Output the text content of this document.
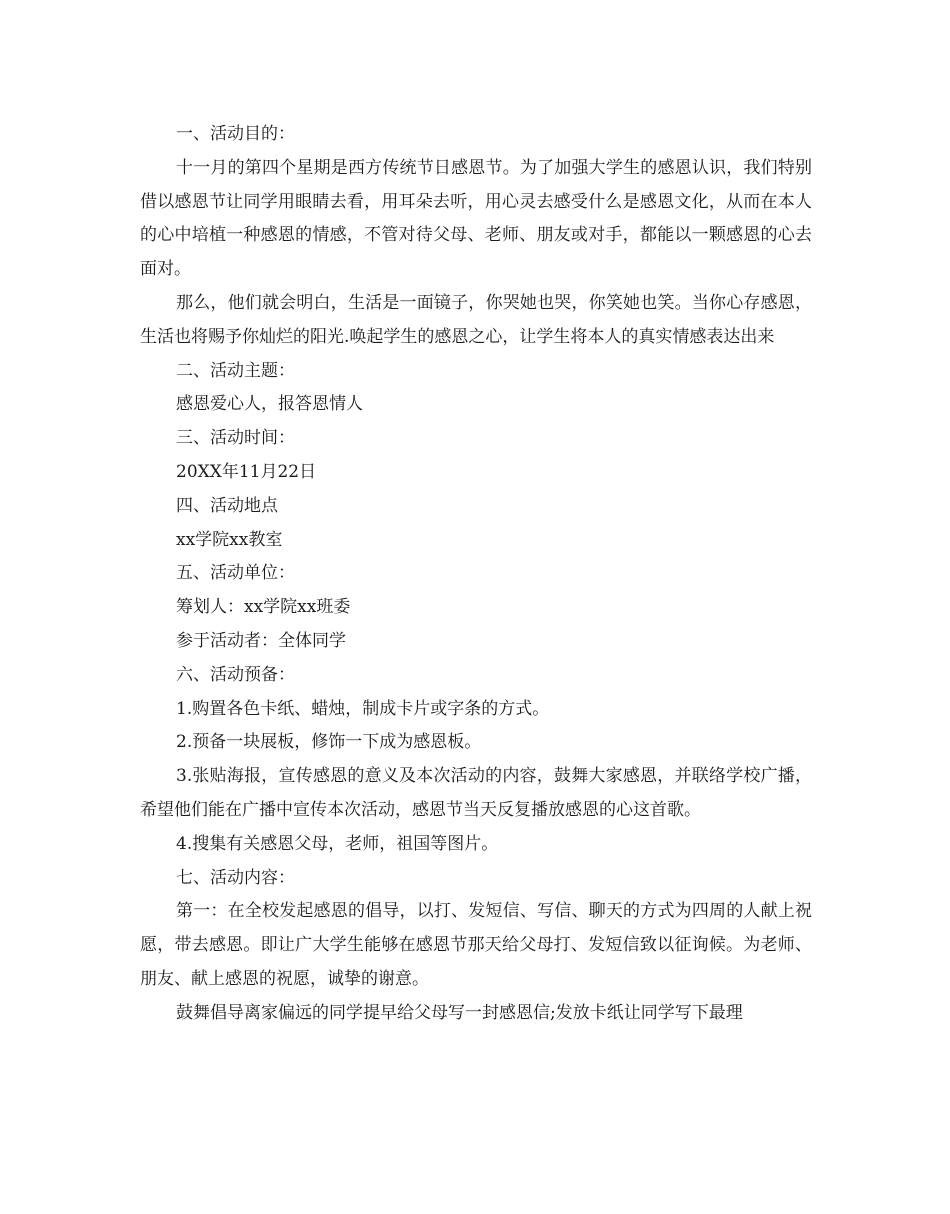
一、活动目的：

十一月的第四个星期是西方传统节日感恩节。为了加强大学生的感恩认识，我们特别借以感恩节让同学用眼睛去看，用耳朵去听，用心灵去感受什么是感恩文化，从而在本人的心中培植一种感恩的情感，不管对待父母、老师、朋友或对手，都能以一颗感恩的心去面对。

那么，他们就会明白，生活是一面镜子，你哭她也哭，你笑她也笑。当你心存感恩，生活也将赐予你灿烂的阳光.唤起学生的感恩之心，让学生将本人的真实情感表达出来

二、活动主题：

感恩爱心人，报答恩情人

三、活动时间：

20XX年11月22日

四、活动地点

xx学院xx教室

五、活动单位：

筹划人：xx学院xx班委

参于活动者：全体同学

六、活动预备：

1.购置各色卡纸、蜡烛，制成卡片或字条的方式。

2.预备一块展板，修饰一下成为感恩板。

3.张贴海报，宣传感恩的意义及本次活动的内容，鼓舞大家感恩，并联络学校广播，希望他们能在广播中宣传本次活动，感恩节当天反复播放感恩的心这首歌。

4.搜集有关感恩父母，老师，祖国等图片。

七、活动内容：

第一：在全校发起感恩的倡导，以打、发短信、写信、聊天的方式为四周的人献上祝愿，带去感恩。即让广大学生能够在感恩节那天给父母打、发短信致以征询候。为老师、朋友、献上感恩的祝愿，诚挚的谢意。

鼓舞倡导离家偏远的同学提早给父母写一封感恩信;发放卡纸让同学写下最理
